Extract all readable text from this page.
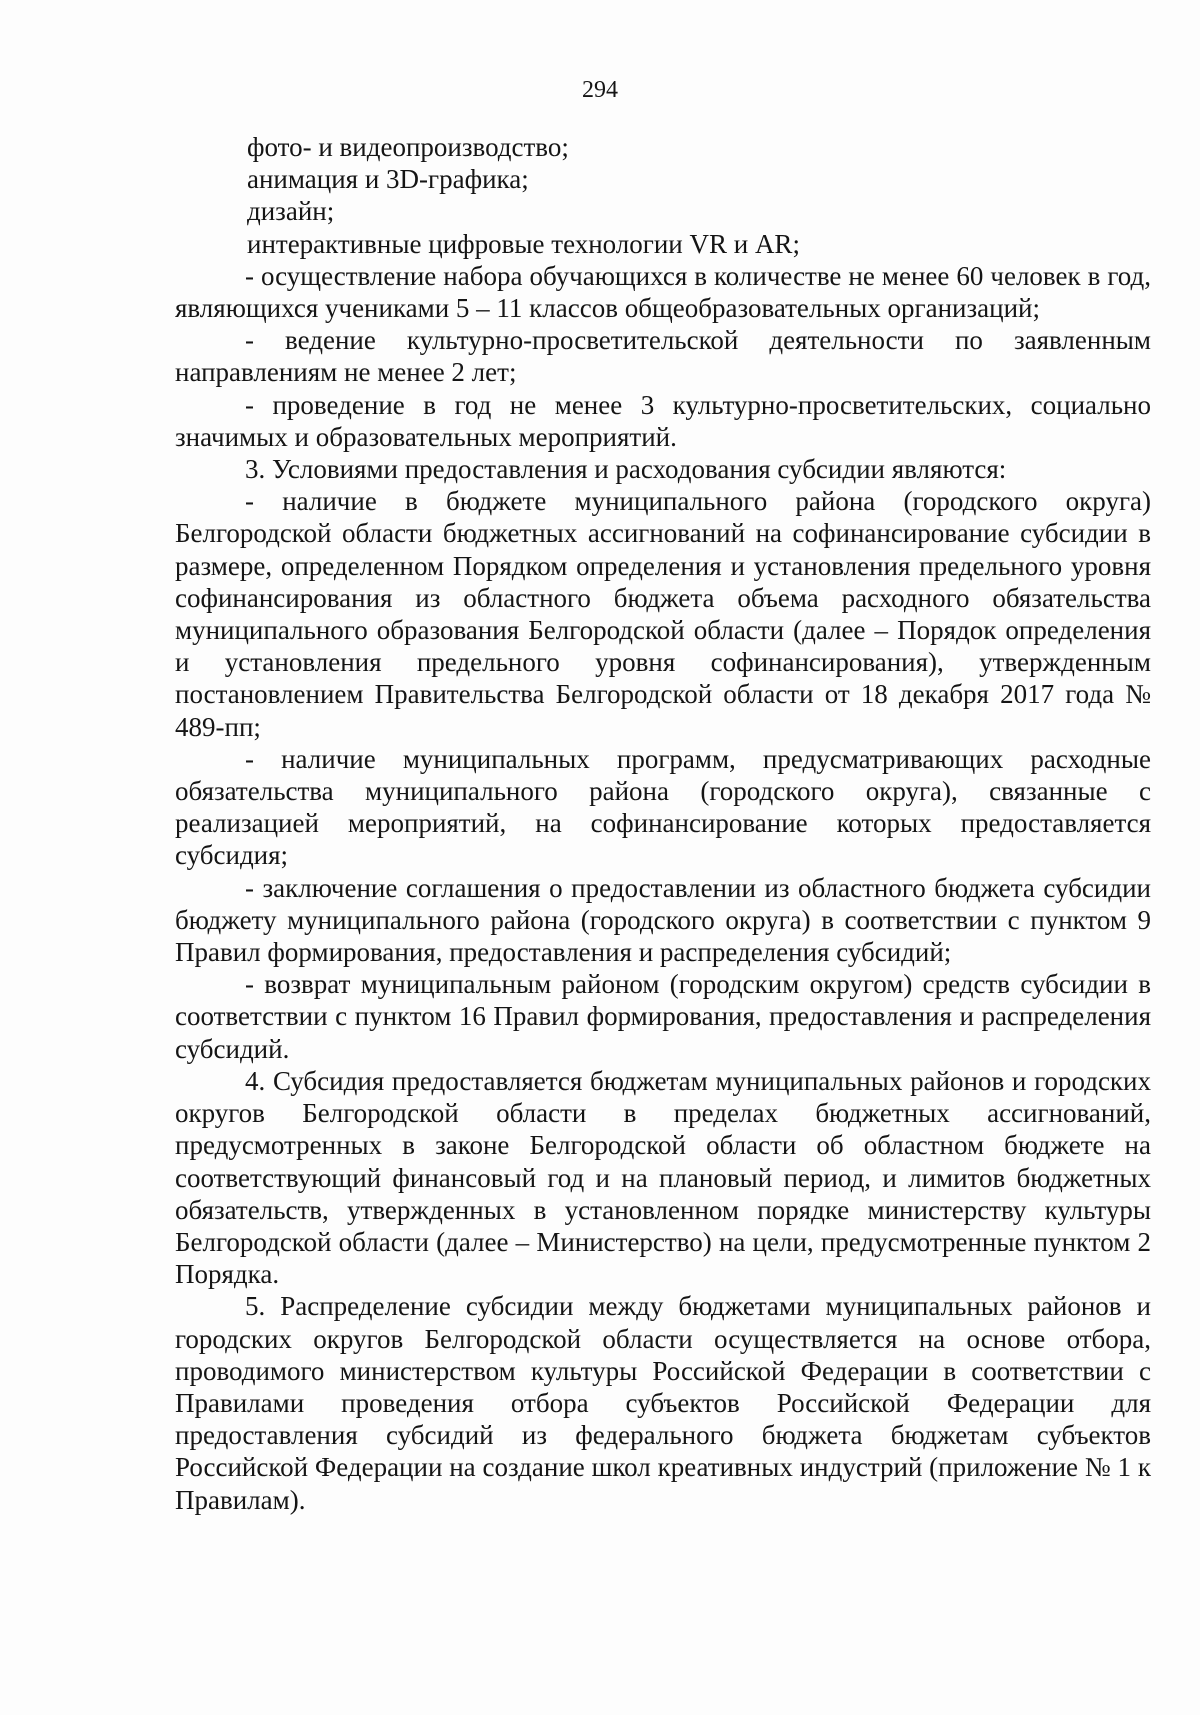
294

фото- и видеопроизводство;

анимация и 3D-графика;

дизайн;

интерактивные цифровые технологии VR и AR;

- осуществление набора обучающихся в количестве не менее 60 человек в год, являющихся учениками 5 – 11 классов общеобразовательных организаций;

- ведение культурно-просветительской деятельности по заявленным направлениям не менее 2 лет;

- проведение в год не менее 3 культурно-просветительских, социально значимых и образовательных мероприятий.

3. Условиями предоставления и расходования субсидии являются:

- наличие в бюджете муниципального района (городского округа) Белгородской области бюджетных ассигнований на софинансирование субсидии в размере, определенном Порядком определения и установления предельного уровня софинансирования из областного бюджета объема расходного обязательства муниципального образования Белгородской области (далее – Порядок определения и установления предельного уровня софинансирования), утвержденным постановлением Правительства Белгородской области от 18 декабря 2017 года № 489-пп;

- наличие муниципальных программ, предусматривающих расходные обязательства муниципального района (городского округа), связанные с реализацией мероприятий, на софинансирование которых предоставляется субсидия;

- заключение соглашения о предоставлении из областного бюджета субсидии бюджету муниципального района (городского округа) в соответствии с пунктом 9 Правил формирования, предоставления и распределения субсидий;

- возврат муниципальным районом (городским округом) средств субсидии в соответствии с пунктом 16 Правил формирования, предоставления и распределения субсидий.

4. Субсидия предоставляется бюджетам муниципальных районов и городских округов Белгородской области в пределах бюджетных ассигнований, предусмотренных в законе Белгородской области об областном бюджете на соответствующий финансовый год и на плановый период, и лимитов бюджетных обязательств, утвержденных в установленном порядке министерству культуры Белгородской области (далее – Министерство) на цели, предусмотренные пунктом 2 Порядка.

5. Распределение субсидии между бюджетами муниципальных районов и городских округов Белгородской области осуществляется на основе отбора, проводимого министерством культуры Российской Федерации в соответствии с Правилами проведения отбора субъектов Российской Федерации для предоставления субсидий из федерального бюджета бюджетам субъектов Российской Федерации на создание школ креативных индустрий (приложение № 1 к Правилам).
